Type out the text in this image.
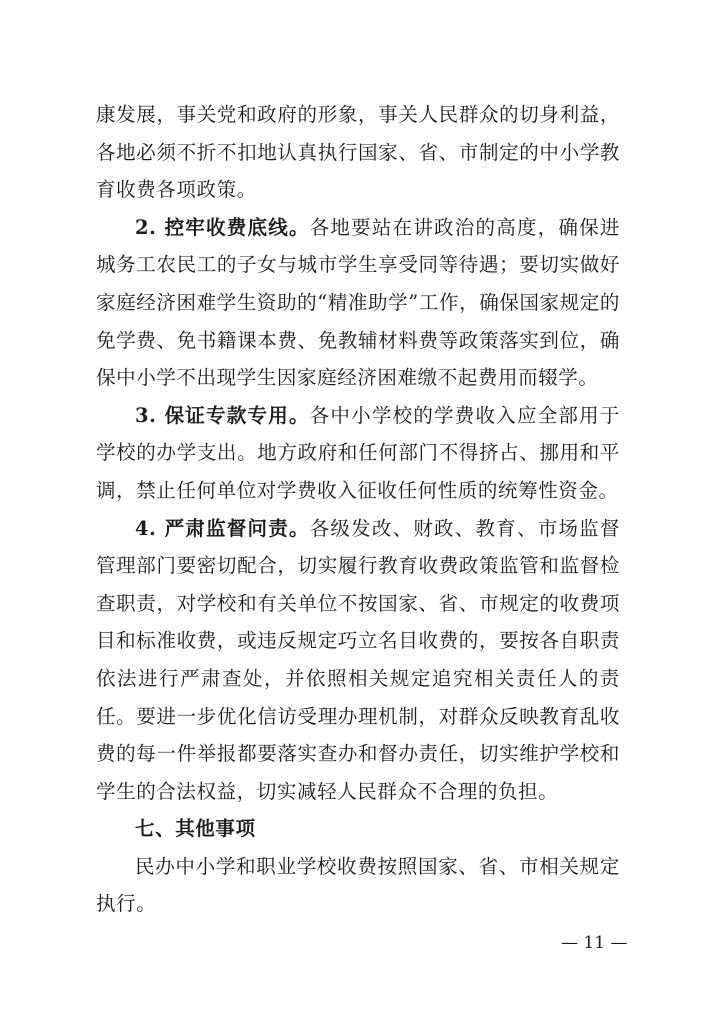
康发展，事关党和政府的形象，事关人民群众的切身利益，各地必须不折不扣地认真执行国家、省、市制定的中小学教育收费各项政策。

2. 控牢收费底线。各地要站在讲政治的高度，确保进城务工农民工的子女与城市学生享受同等待遇；要切实做好家庭经济困难学生资助的“精准助学”工作，确保国家规定的免学费、免书籍课本费、免教辅材料费等政策落实到位，确保中小学不出现学生因家庭经济困难缴不起费用而辍学。

3. 保证专款专用。各中小学校的学费收入应全部用于学校的办学支出。地方政府和任何部门不得挤占、挪用和平调，禁止任何单位对学费收入征收任何性质的统筹性资金。

4. 严肃监督问责。各级发改、财政、教育、市场监督管理部门要密切配合，切实履行教育收费政策监管和监督检查职责，对学校和有关单位不按国家、省、市规定的收费项目和标准收费，或违反规定巧立名目收费的，要按各自职责依法进行严肃查处，并依照相关规定追究相关责任人的责任。要进一步优化信访受理办理机制，对群众反映教育乱收费的每一件举报都要落实查办和督办责任，切实维护学校和学生的合法权益，切实减轻人民群众不合理的负担。

七、其他事项

民办中小学和职业学校收费按照国家、省、市相关规定执行。

— 11 —
